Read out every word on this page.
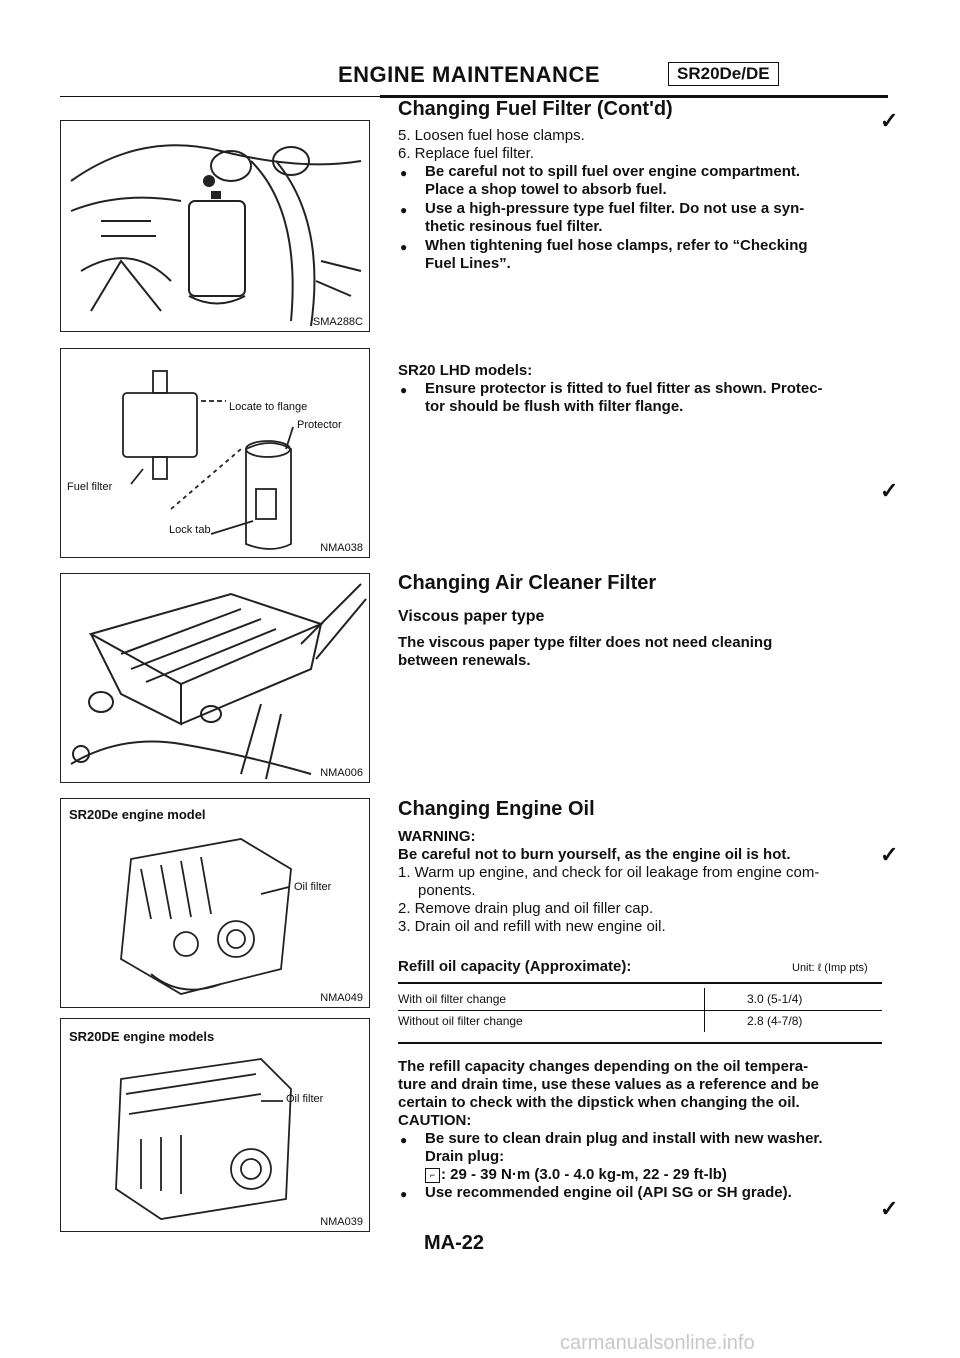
ENGINE MAINTENANCE	SR20De/DE
SMA288C
Locate to flange
Protector
Fuel filter
Lock tab
NMA038
NMA006
SR20De engine model
Oil filter
NMA049
SR20DE engine models
Oil filter
NMA039
Changing Fuel Filter (Cont'd)
5. Loosen fuel hose clamps.
6. Replace fuel filter.
● Be careful not to spill fuel over engine compartment.
Place a shop towel to absorb fuel.
● Use a high-pressure type fuel filter. Do not use a syn-
thetic resinous fuel filter.
● When tightening fuel hose clamps, refer to “Checking
Fuel Lines”.
✓
SR20 LHD models:
● Ensure protector is fitted to fuel fitter as shown. Protec-
tor should be flush with filter flange.
✓
Changing Air Cleaner Filter
Viscous paper type
The viscous paper type filter does not need cleaning
between renewals.
Changing Engine Oil
WARNING:
Be careful not to burn yourself, as the engine oil is hot.	✓
1. Warm up engine, and check for oil leakage from engine com-
ponents.
2. Remove drain plug and oil filler cap.
3. Drain oil and refill with new engine oil.
Refill oil capacity (Approximate):	Unit: ℓ (Imp pts)
With oil filter change	3.0 (5-1/4)
Without oil filter change	2.8 (4-7/8)
The refill capacity changes depending on the oil tempera-
ture and drain time, use these values as a reference and be
certain to check with the dipstick when changing the oil.
CAUTION:
● Be sure to clean drain plug and install with new washer.
Drain plug:
⌐ : 29 - 39 N·m (3.0 - 4.0 kg-m, 22 - 29 ft-lb)
● Use recommended engine oil (API SG or SH grade).
✓
MA-22
carmanualsonline.info
